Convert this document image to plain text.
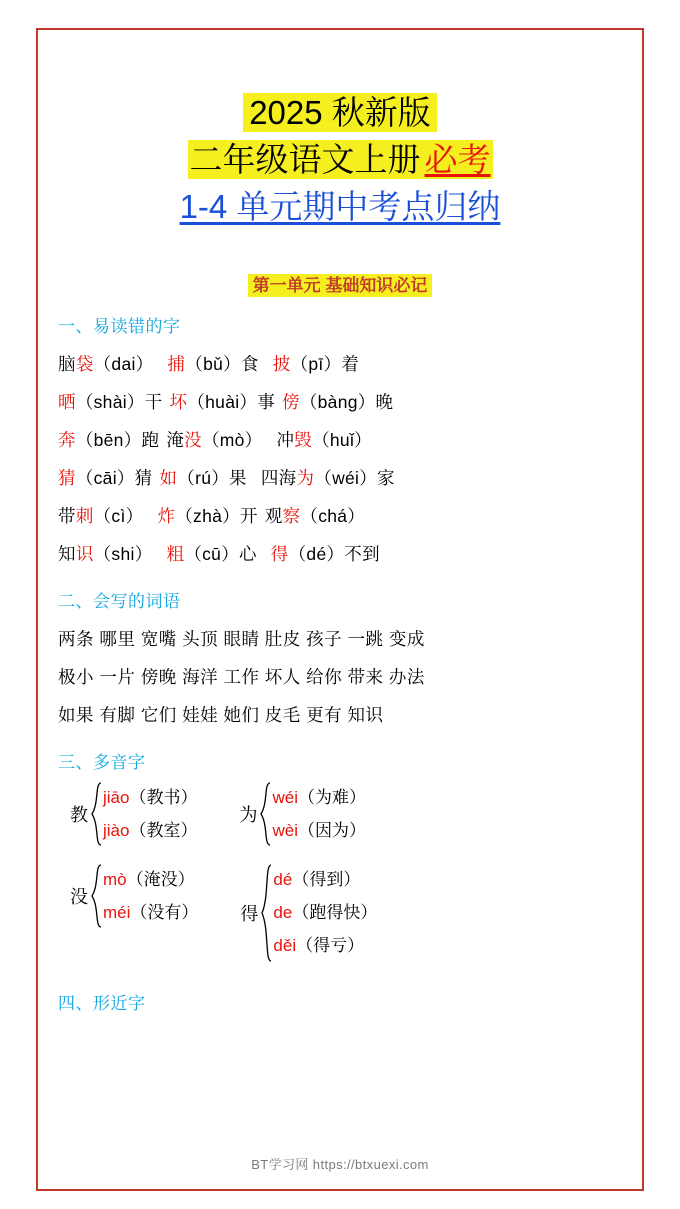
2025 秋新版
二年级语文上册 必考
1-4 单元期中考点归纳
第一单元 基础知识必记
一、易读错的字
脑袋（dai） 捕（bǔ）食 披（pī）着
晒（shài）干 坏（huài）事 傍（bàng）晚
奔（bēn）跑 淹没（mò） 冲毁（huǐ）
猜（cāi）猜 如（rú）果 四海为（wéi）家
带刺（cì） 炸（zhà）开 观察（chá）
知识（shi） 粗（cū）心 得（dé）不到
二、会写的词语
两条 哪里 宽嘴 头顶 眼睛 肚皮 孩子 一跳 变成
极小 一片 傍晚 海洋 工作 坏人 给你 带来 办法
如果 有脚 它们 娃娃 她们 皮毛 更有 知识
三、多音字
教
jiāo（教书）
jiào（教室）
为
wéi（为难）
wèi（因为）
没
mò（淹没）
méi（没有） 得
dé（得到）
de（跑得快）
děi（得亏）
四、形近字
BT学习网 https://btxuexi.com
